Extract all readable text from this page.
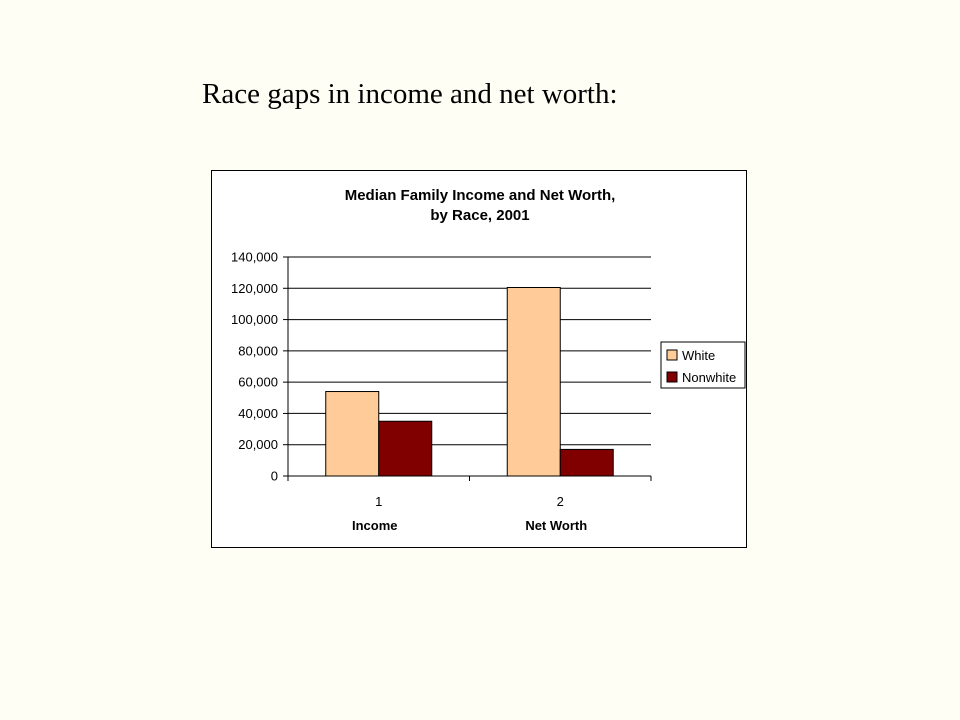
Race gaps in income and net worth:
Median Family Income and Net Worth,
by Race, 2001
0
20,000
40,000
60,000
80,000
100,000
120,000
140,000
1
Income
2
Net Worth
White
Nonwhite
